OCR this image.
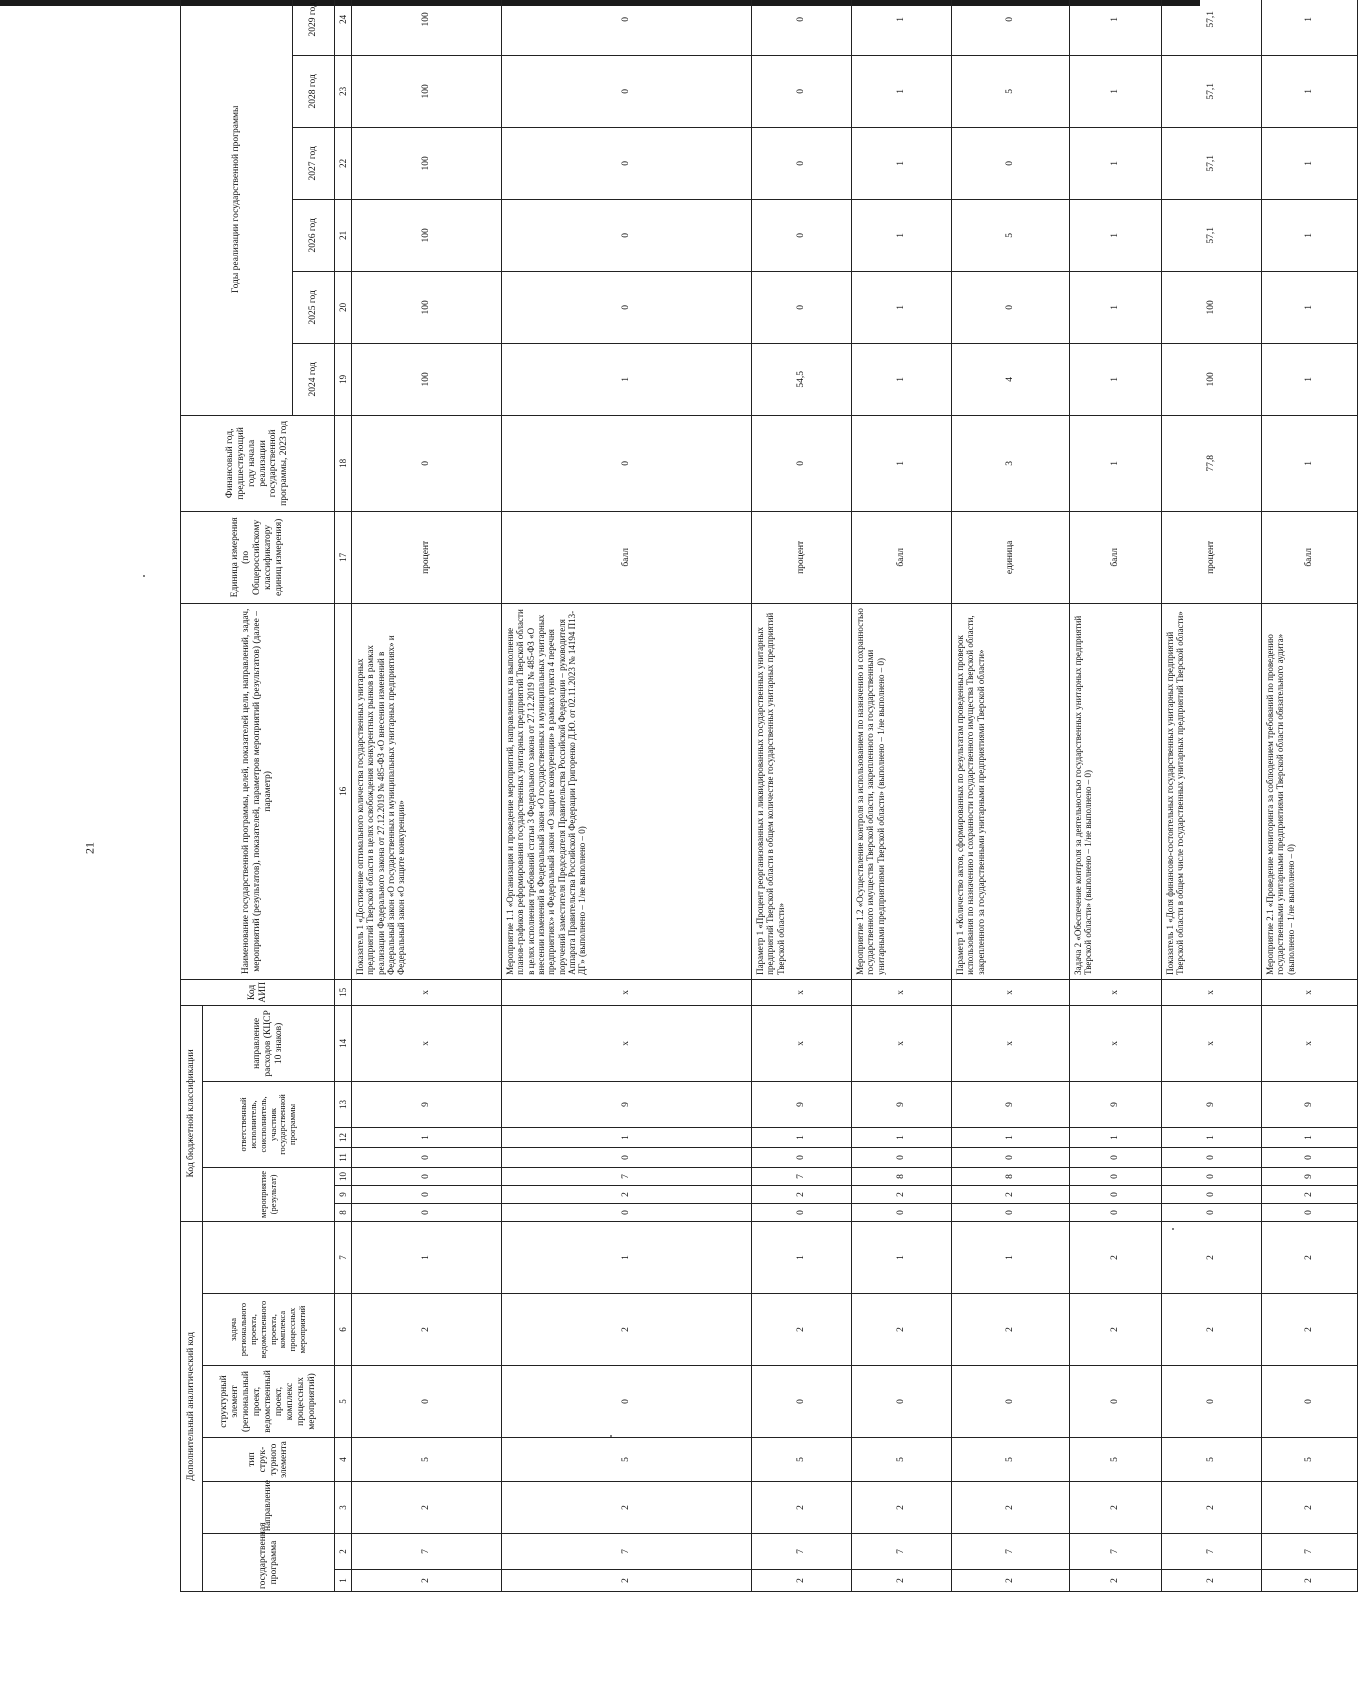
21
Дополнительный аналитический код							Код бюджетной классификации							Код АИП	Наименование государственной программы, целей, показателей цели, направлений, задач, мероприятий (результатов), показателей, параметров мероприятий (результатов) (далее – параметр)	Единица измерения (по Общероссийскому классификатору единиц измерения)	Финансовый год, предшествующий году начала реализации государственной программы, 2023 год	Годы реализации государственной программы					
государственная программа		направление	тип струк-турного элемента	структурный элемент (региональный проект, ведомственный проект, комплекс процессных мероприятий)	задача регионального проекта, ведомственного проекта, комплекса процессных мероприятий		мероприятие (результат)			ответственный исполнитель, соисполнитель, участник государственной программы			направление расходов (КЦСР 10 знаков)										
																		2024 год	2025 год	2026 год	2027 год	2028 год	2029 год
1	2	3	4	5	6	7	8	9	10	11	12	13	14	15	16	17	18	19	20	21	22	23	24
2	7	2	5	0	2	1	0	0	0	0	1	9	x	x	Показатель 1 «Достижение оптимального количества государственных унитарных предприятий Тверской области в целях освобождения конкурентных рынков в рамках реализации Федерального закона от 27.12.2019 № 485-ФЗ «О внесении изменений в Федеральный закон «О государственных и муниципальных унитарных предприятиях» и Федеральный закон «О защите конкуренции»	процент	0	100	100	100	100	100	100
2	7	2	5	0	2	1	0	2	7	0	1	9	x	x	Мероприятие 1.1 «Организация и проведение мероприятий, направленных на выполнение планов-графиков реформирования государственных унитарных предприятий Тверской области в целях исполнения требований статьи 3 Федерального закона от 27.12.2019 № 485-ФЗ «О внесении изменений в Федеральный закон «О государственных и муниципальных унитарных предприятиях» и Федеральный закон «О защите конкуренции» в рамках пункта 4 перечня поручений заместителя Председателя Правительства Российской Федерации – руководителя Аппарата Правительства Российской Федерации Григоренко Д.Ю. от 02.11.2023 № 14194 П13-ДГ» (выполнено – 1/не выполнено – 0)	балл	0	1	0	0	0	0	0
2	7	2	5	0	2	1	0	2	7	0	1	9	x	x	Параметр 1 «Процент реорганизованных и ликвидированных государственных унитарных предприятий Тверской области в общем количестве государственных унитарных предприятий Тверской области»	процент	0	54,5	0	0	0	0	0
2	7	2	5	0	2	1	0	2	8	0	1	9	x	x	Мероприятие 1.2 «Осуществление контроля за использованием по назначению и сохранностью государственного имущества Тверской области, закрепленного за государственными унитарными предприятиями Тверской области» (выполнено – 1/не выполнено – 0)	балл	1	1	1	1	1	1	1
2	7	2	5	0	2	1	0	2	8	0	1	9	x	x	Параметр 1 «Количество актов, сформированных по результатам проведенных проверок использования по назначению и сохранности государственного имущества Тверской области, закрепленного за государственными унитарными предприятиями Тверской области»	единица	3	4	0	5	0	5	0
2	7	2	5	0	2	2	0	0	0	0	1	9	x	x	Задача 2 «Обеспечение контроля за деятельностью государственных унитарных предприятий Тверской области» (выполнено – 1/не выполнено – 0)	балл	1	1	1	1	1	1	1
2	7	2	5	0	2	2	0	0	0	0	1	9	x	x	Показатель 1 «Доля финансово-состоятельных государственных унитарных предприятий Тверской области в общем числе государственных унитарных предприятий Тверской области»	процент	77,8	100	100	57,1	57,1	57,1	57,1
2	7	2	5	0	2	2	0	2	9	0	1	9	x	x	Мероприятие 2.1 «Проведение мониторинга за соблюдением требований по проведению государственными унитарными предприятиями Тверской области обязательного аудита» (выполнено – 1/не выполнено – 0)	балл	1	1	1	1	1	1	1
